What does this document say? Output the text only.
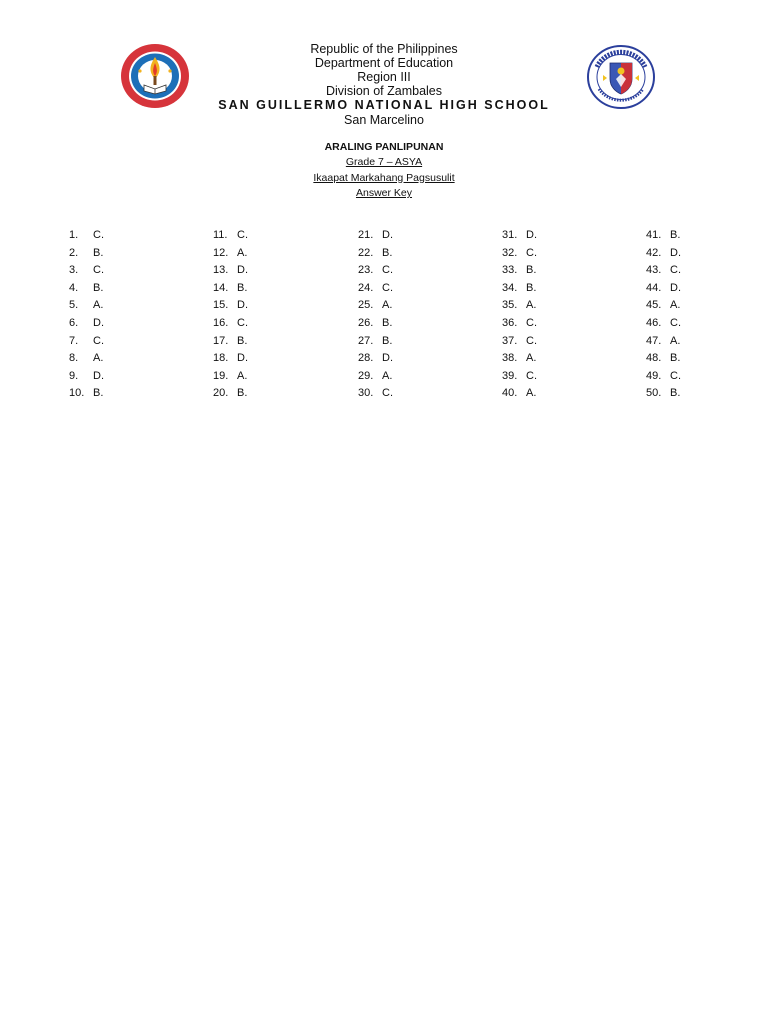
Republic of the Philippines

Department of Education

Region III

Division of Zambales

SAN GUILLERMO NATIONAL HIGH SCHOOL

San Marcelino

ARALING PANLIPUNAN

Grade 7 – ASYA

Ikaapat Markahang Pagsusulit

Answer Key

1. C.
2. B.
3. C.
4. B.
5. A.
6. D.
7. C.
8. A.
9. D.
10. B.
11. C.
12. A.
13. D.
14. B.
15. D.
16. C.
17. B.
18. D.
19. A.
20. B.
21. D.
22. B.
23. C.
24. C.
25. A.
26. B.
27. B.
28. D.
29. A.
30. C.
31. D.
32. C.
33. B.
34. B.
35. A.
36. C.
37. C.
38. A.
39. C.
40. A.
41. B.
42. D.
43. C.
44. D.
45. A.
46. C.
47. A.
48. B.
49. C.
50. B.
